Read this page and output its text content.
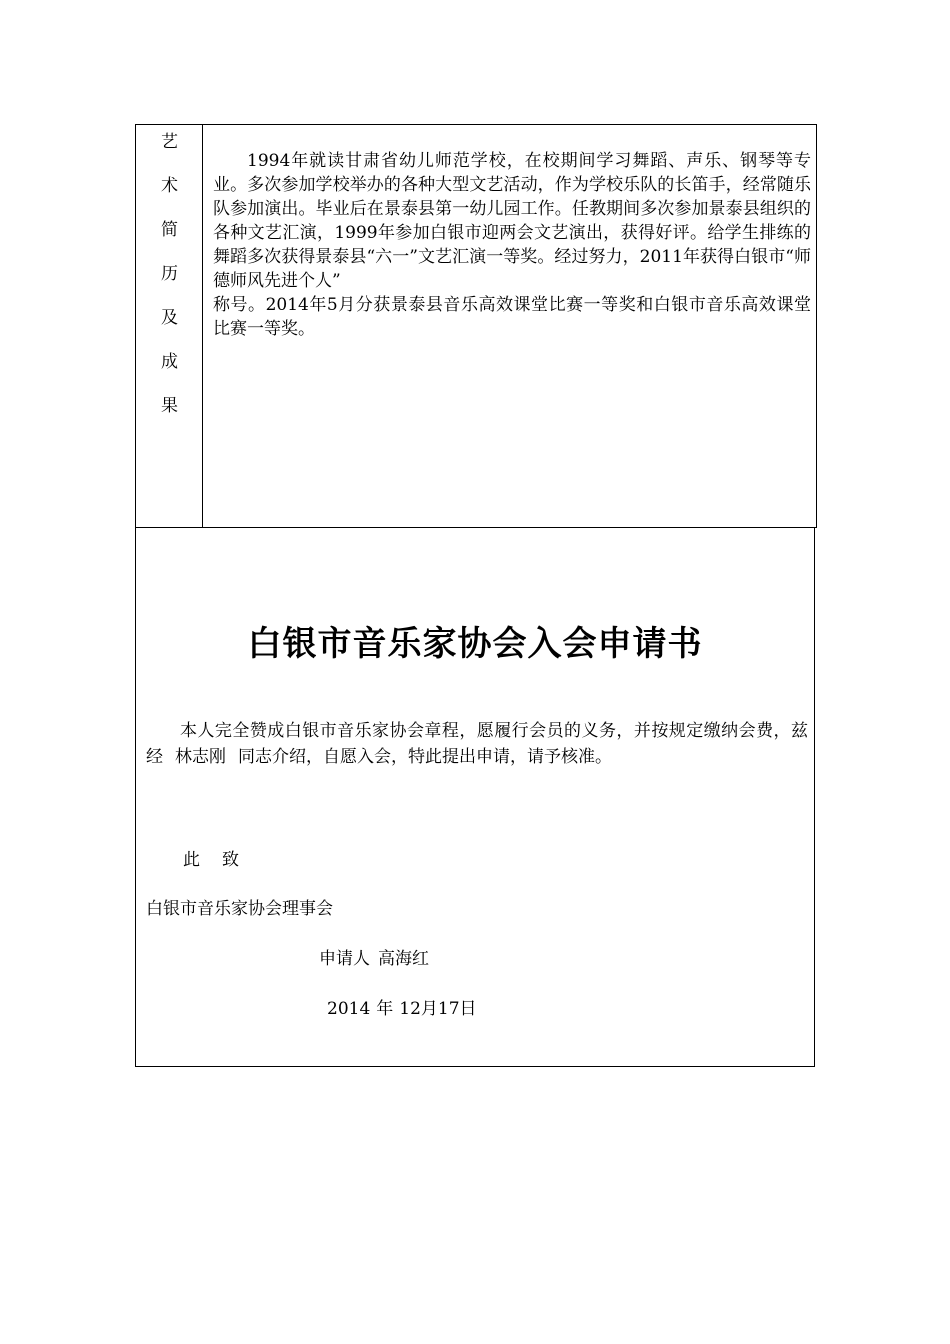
艺
术
简
历
及
成
果

1994年就读甘肃省幼儿师范学校，在校期间学习舞蹈、声乐、钢琴等专业。多次参加学校举办的各种大型文艺活动，作为学校乐队的长笛手，经常随乐队参加演出。毕业后在景泰县第一幼儿园工作。任教期间多次参加景泰县组织的各种文艺汇演，1999年参加白银市迎两会文艺演出，获得好评。给学生排练的舞蹈多次获得景泰县“六一”文艺汇演一等奖。经过努力，2011年获得白银市“师德师风先进个人”

称号。2014年5月分获景泰县音乐高效课堂比赛一等奖和白银市音乐高效课堂比赛一等奖。

白银市音乐家协会入会申请书
本人完全赞成白银市音乐家协会章程，愿履行会员的义务，并按规定缴纳会费，兹经 林志刚 同志介绍，自愿入会，特此提出申请，请予核准。
此 致
白银市音乐家协会理事会
申请人 高海红
2014 年 12月17日
